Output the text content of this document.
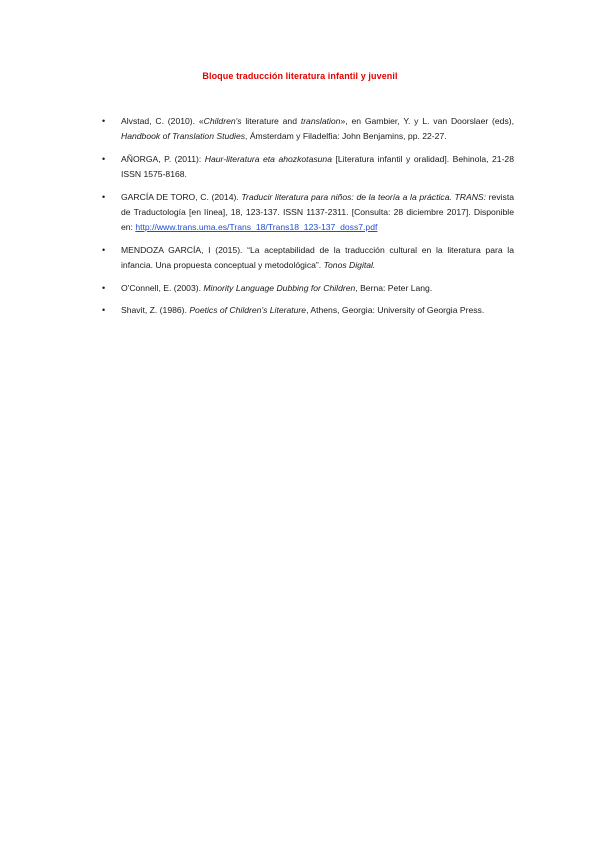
Bloque traducción literatura infantil y juvenil
• Alvstad, C. (2010). «Children's literature and translation», en Gambier, Y. y L. van Doorslaer (eds), Handbook of Translation Studies, Ámsterdam y Filadelfia: John Benjamins, pp. 22-27.
• AÑORGA, P. (2011): Haur-literatura eta ahozkotasuna [Literatura infantil y oralidad]. Behinola, 21-28 ISSN 1575-8168.
• GARCÍA DE TORO, C. (2014). Traducir literatura para niños: de la teoría a la práctica. TRANS: revista de Traductología [en línea], 18, 123-137. ISSN 1137-2311. [Consulta: 28 diciembre 2017]. Disponible en: http://www.trans.uma.es/Trans_18/Trans18_123-137_doss7.pdf
• MENDOZA GARCÍA, I (2015). “La aceptabilidad de la traducción cultural en la literatura para la infancia. Una propuesta conceptual y metodológica”. Tonos Digital.
• O'Connell, E. (2003). Minority Language Dubbing for Children, Berna: Peter Lang.
• Shavit, Z. (1986). Poetics of Children's Literature, Athens, Georgia: University of Georgia Press.
